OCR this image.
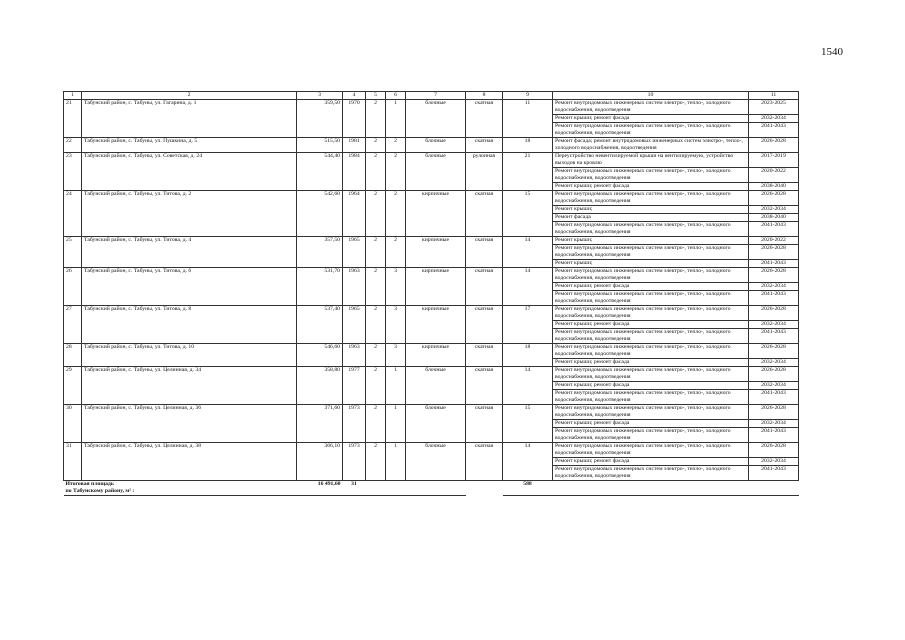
1540
1	2	3	4	5	6	7	8	9	10	11
21	Табунский район, с. Табуны, ул. Гагарина, д. 1	359,50	1970	2	1	блочные	скатная	11	Ремонт внутридомовых инженерных систем электро-, тепло-, холодного водоснабжения, водоотведения	2023-2025
									Ремонт крыши; ремонт фасада	2032-2034
									Ремонт внутридомовых инженерных систем электро-, тепло-, холодного водоснабжения, водоотведения	2041-2043
22	Табунский район, с. Табуны, ул. Пушкина, д. 5	515,50	1981	2	2	блочные	скатная	18	Ремонт фасада; ремонт внутридомовых инженерных систем электро-, тепло-, холодного водоснабжения, водоотведения	2026-2028
23	Табунский район, с. Табуны, ул. Советская, д. 24	544,40	1984	2	2	блочные	рулонная	21	Переустройство невентилируемой крыши на вентилируемую, устройство выходов на кровлю	2017-2019
									Ремонт внутридомовых инженерных систем электро-, тепло-, холодного водоснабжения, водоотведения	2020-2022
									Ремонт крыши; ремонт фасада	2038-2040
24	Табунский район, с. Табуны, ул. Титова, д. 2	542,60	1964	2	2	кирпичные	скатная	15	Ремонт внутридомовых инженерных систем электро-, тепло-, холодного водоснабжения, водоотведения	2026-2028
									Ремонт крыши;	2032-2034
									Ремонт фасада	2038-2040
									Ремонт внутридомовых инженерных систем электро-, тепло-, холодного водоснабжения, водоотведения	2041-2043
25	Табунский район, с. Табуны, ул. Титова, д. 4	357,50	1965	2	2	кирпичные	скатная	14	Ремонт крыши;	2020-2022
									Ремонт внутридомовых инженерных систем электро-, тепло-, холодного водоснабжения, водоотведения	2026-2028
									Ремонт крыши;	2041-2043
26	Табунский район, с. Табуны, ул. Титова, д. 6	531,70	1963	2	3	кирпичные	скатная	14	Ремонт внутридомовых инженерных систем электро-, тепло-, холодного водоснабжения, водоотведения	2026-2028
									Ремонт крыши; ремонт фасада	2032-2034
									Ремонт внутридомовых инженерных систем электро-, тепло-, холодного водоснабжения, водоотведения	2041-2043
27	Табунский район, с. Табуны, ул. Титова, д. 8	537,40	1965	2	3	кирпичные	скатная	17	Ремонт внутридомовых инженерных систем электро-, тепло-, холодного водоснабжения, водоотведения	2026-2028
									Ремонт крыши; ремонт фасада	2032-2034
									Ремонт внутридомовых инженерных систем электро-, тепло-, холодного водоснабжения, водоотведения	2041-2043
28	Табунский район, с. Табуны, ул. Титова, д. 10	546,60	1963	2	3	кирпичные	скатная	18	Ремонт внутридомовых инженерных систем электро-, тепло-, холодного водоснабжения, водоотведения	2026-2028
									Ремонт крыши; ремонт фасада	2032-2034
29	Табунский район, с. Табуны, ул. Целинная, д. 34	358,80	1977	2	1	блочные	скатная	14	Ремонт внутридомовых инженерных систем электро-, тепло-, холодного водоснабжения, водоотведения	2026-2028
									Ремонт крыши; ремонт фасада	2032-2034
									Ремонт внутридомовых инженерных систем электро-, тепло-, холодного водоснабжения, водоотведения	2041-2043
30	Табунский район, с. Табуны, ул. Целинная, д. 36	371,60	1973	2	1	блочные	скатная	15	Ремонт внутридомовых инженерных систем электро-, тепло-, холодного водоснабжения, водоотведения	2026-2028
									Ремонт крыши; ремонт фасада	2032-2034
									Ремонт внутридомовых инженерных систем электро-, тепло-, холодного водоснабжения, водоотведения	2041-2043
31	Табунский район, с. Табуны, ул. Целинная, д. 38	366,10	1973	2	1	блочные	скатная	14	Ремонт внутридомовых инженерных систем электро-, тепло-, холодного водоснабжения, водоотведения	2026-2028
									Ремонт крыши; ремонт фасада	2032-2034
									Ремонт внутридомовых инженерных систем электро-, тепло-, холодного водоснабжения, водоотведения	2041-2043
Итоговая площадь
по Табунскому району, м² :		16 491,60	31					588		
